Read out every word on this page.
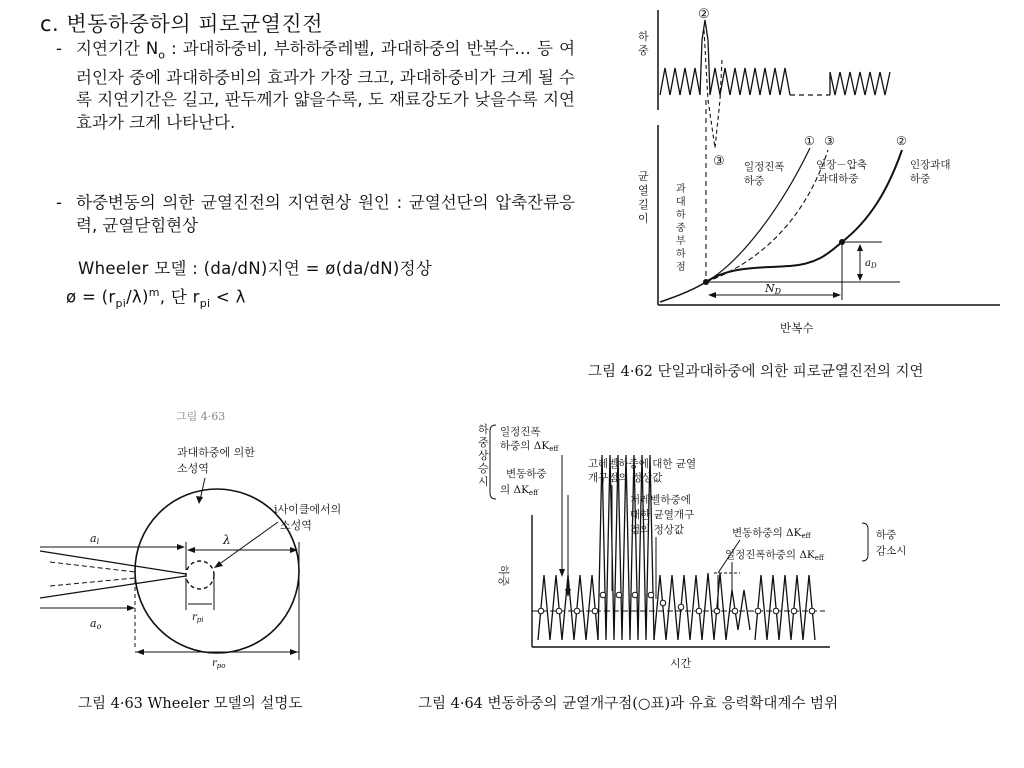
c. 변동하중하의 피로균열진전
- 지연기간 $N_o$ : 과대하중비, 부하하중레벨, 과대하중의 반복수… 등 여러인자 중에 과대하중비의 효과가 가장 크고, 과대하중비가 크게 될 수록 지연기간은 길고, 판두께가 얇을수록, 도 재료강도가 낮을수록 지연효과가 크게 나타난다.
- 하중변동의 의한 균열진전의 지연현상 원인 : 균열선단의 압축잔류응력, 균열닫힘현상
Wheeler 모델 : (da/dN)지연 = ø(da/dN)정상
ø = $(r_{pi}/\lambda)^m$, 단 $r_{pi} < \lambda$
하
중
②
③
균
열
길
이
과
대
하
중
부
하
점
① ③	②
일정진폭
하중
인장－압축
과대하중
인장과대
하중
ND
$a_D$
반복수
그림 4·62 단일과대하중에 의한 피로균열진전의 지연
그림 4·63
ai
ao
λ
$r_{pi}$
$r_{po}$
과대하중에 의한
소성역
i사이클에서의
소성역
그림 4·63 Wheeler 모델의 설명도
하
중
상
승
시
일정진폭
하중의 ΔKeff
변동하중
의 ΔKeff
고레벨하중에 대한 균열
개구점의 정상값
저레벨하중에
대한 균열개구
점의 정상값	변동하중의 ΔKeff
일정진폭하중의 ΔKeff
하중
감소시
하중
시간
그림 4·64 변동하중의 균열개구점(○표)과 유효 응력확대계수 범위
